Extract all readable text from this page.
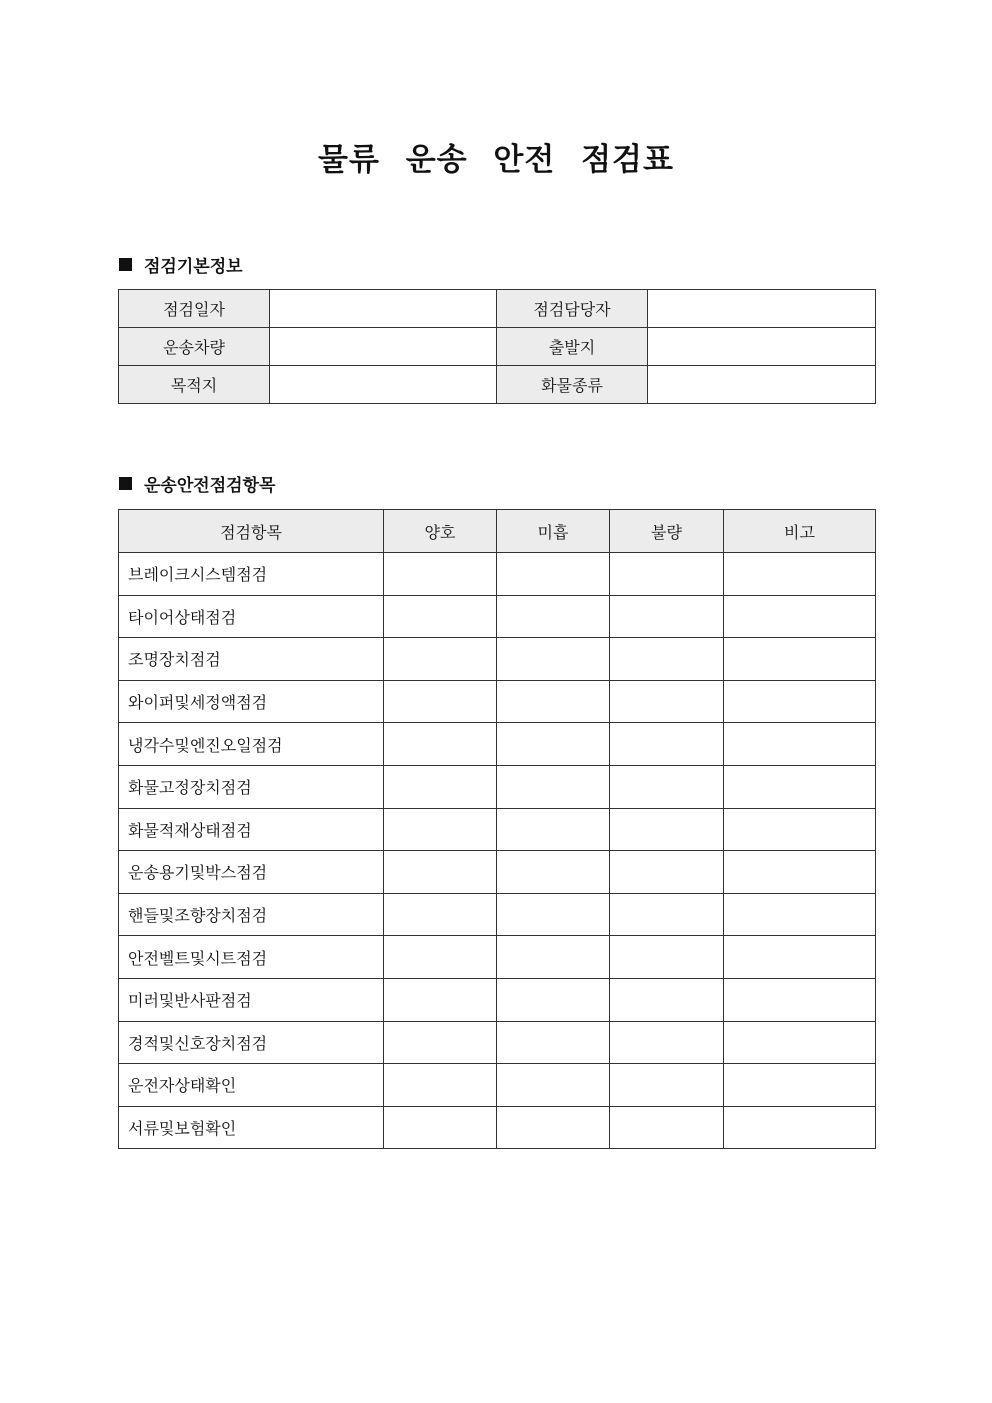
물류 운송 안전 점검표
점검기본정보
점검일자		점검담당자	
운송차량		출발지	
목적지		화물종류	
운송안전점검항목
점검항목	양호	미흡	불량	비고
브레이크시스템점검				
타이어상태점검				
조명장치점검				
와이퍼및세정액점검				
냉각수및엔진오일점검				
화물고정장치점검				
화물적재상태점검				
운송용기및박스점검				
핸들및조향장치점검				
안전벨트및시트점검				
미러및반사판점검				
경적및신호장치점검				
운전자상태확인				
서류및보험확인				
